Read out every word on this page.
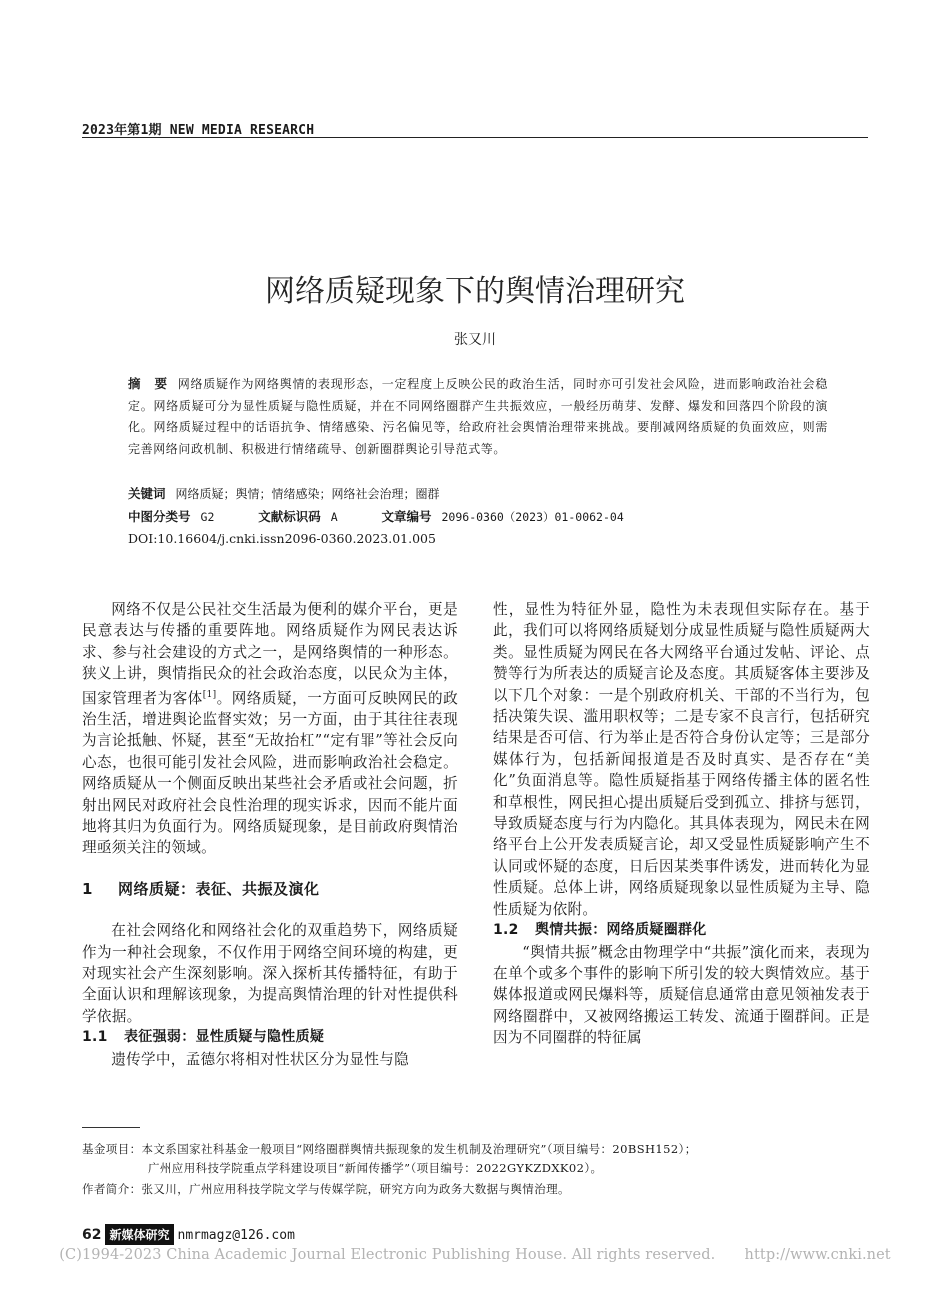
2023年第1期 NEW MEDIA RESEARCH
网络质疑现象下的舆情治理研究
张又川
摘　要 网络质疑作为网络舆情的表现形态，一定程度上反映公民的政治生活，同时亦可引发社会风险，进而影响政治社会稳定。网络质疑可分为显性质疑与隐性质疑，并在不同网络圈群产生共振效应，一般经历萌芽、发酵、爆发和回落四个阶段的演化。网络质疑过程中的话语抗争、情绪感染、污名偏见等，给政府社会舆情治理带来挑战。要削减网络质疑的负面效应，则需完善网络问政机制、积极进行情绪疏导、创新圈群舆论引导范式等。
关键词 网络质疑；舆情；情绪感染；网络社会治理；圈群
中图分类号 G2	文献标识码 A	文章编号 2096-0360（2023）01-0062-04
DOI:10.16604/j.cnki.issn2096-0360.2023.01.005

网络不仅是公民社交生活最为便利的媒介平台，更是民意表达与传播的重要阵地。网络质疑作为网民表达诉求、参与社会建设的方式之一，是网络舆情的一种形态。狭义上讲，舆情指民众的社会政治态度，以民众为主体，国家管理者为客体[1]。网络质疑，一方面可反映网民的政治生活，增进舆论监督实效；另一方面，由于其往往表现为言论抵触、怀疑，甚至“无故抬杠”“定有罪”等社会反向心态，也很可能引发社会风险，进而影响政治社会稳定。网络质疑从一个侧面反映出某些社会矛盾或社会问题，折射出网民对政府社会良性治理的现实诉求，因而不能片面地将其归为负面行为。网络质疑现象，是目前政府舆情治理亟须关注的领域。

1 网络质疑：表征、共振及演化

在社会网络化和网络社会化的双重趋势下，网络质疑作为一种社会现象，不仅作用于网络空间环境的构建，更对现实社会产生深刻影响。深入探析其传播特征，有助于全面认识和理解该现象，为提高舆情治理的针对性提供科学依据。

1.1 表征强弱：显性质疑与隐性质疑

遗传学中，孟德尔将相对性状区分为显性与隐

性，显性为特征外显，隐性为未表现但实际存在。基于此，我们可以将网络质疑划分成显性质疑与隐性质疑两大类。显性质疑为网民在各大网络平台通过发帖、评论、点赞等行为所表达的质疑言论及态度。其质疑客体主要涉及以下几个对象：一是个别政府机关、干部的不当行为，包括决策失误、滥用职权等；二是专家不良言行，包括研究结果是否可信、行为举止是否符合身份认定等；三是部分媒体行为，包括新闻报道是否及时真实、是否存在“美化”负面消息等。隐性质疑指基于网络传播主体的匿名性和草根性，网民担心提出质疑后受到孤立、排挤与惩罚，导致质疑态度与行为内隐化。其具体表现为，网民未在网络平台上公开发表质疑言论，却又受显性质疑影响产生不认同或怀疑的态度，日后因某类事件诱发，进而转化为显性质疑。总体上讲，网络质疑现象以显性质疑为主导、隐性质疑为依附。

1.2 舆情共振：网络质疑圈群化

“舆情共振”概念由物理学中“共振”演化而来，表现为在单个或多个事件的影响下所引发的较大舆情效应。基于媒体报道或网民爆料等，质疑信息通常由意见领袖发表于网络圈群中，又被网络搬运工转发、流通于圈群间。正是因为不同圈群的特征属

基金项目：本文系国家社科基金一般项目“网络圈群舆情共振现象的发生机制及治理研究”（项目编号：20BSH152）；
广州应用科技学院重点学科建设项目“新闻传播学”（项目编号：2022GYKZDXK02）。
作者简介：张又川，广州应用科技学院文学与传媒学院，研究方向为政务大数据与舆情治理。
62 新媒体研究 nmrmagz@126.com
(C)1994-2023 China Academic Journal Electronic Publishing House. All rights reserved.　　http://www.cnki.net
